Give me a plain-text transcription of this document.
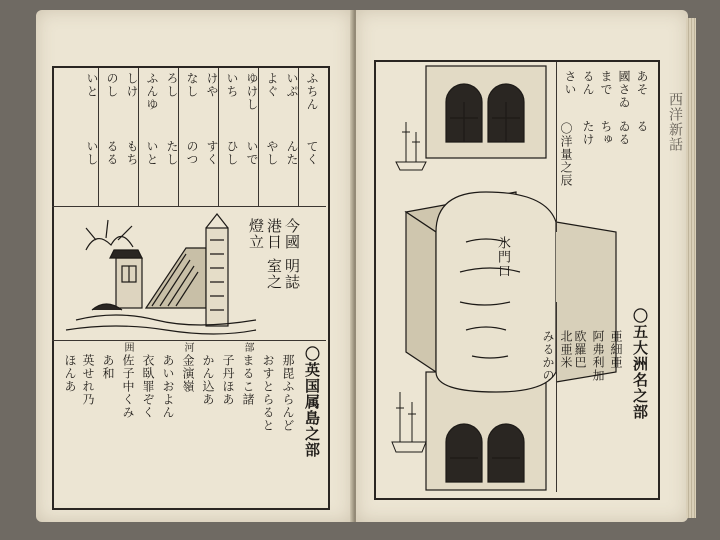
ふちん
いぷ
よぐ
ゆけし
いち
けや
なし
ろし
ふんゆ
しけ
のし
いと
てく
んた
やし
いで
ひし
すく
のつ
たし
いと
もち
るる
いし
今國
港日
燈立
明誌
室之
〇英国属島之部
那毘ふらんど
おすとらると
まるこ諸
子丹ほあ
かん込あ
金演嶺
あいおよん
衣臥罪ぞく
佐子中くみ
あ和
英せれ乃
ほんあ
部
河
囲
西洋新話
氷門口
あそ
國さゐ
まで
るん
さい
る
ゐる
ちゅ
たけ
〇洋量之辰
〇五大洲名之部
亜細亜
阿弗利加
欧羅巴
北亜米
みるかの
